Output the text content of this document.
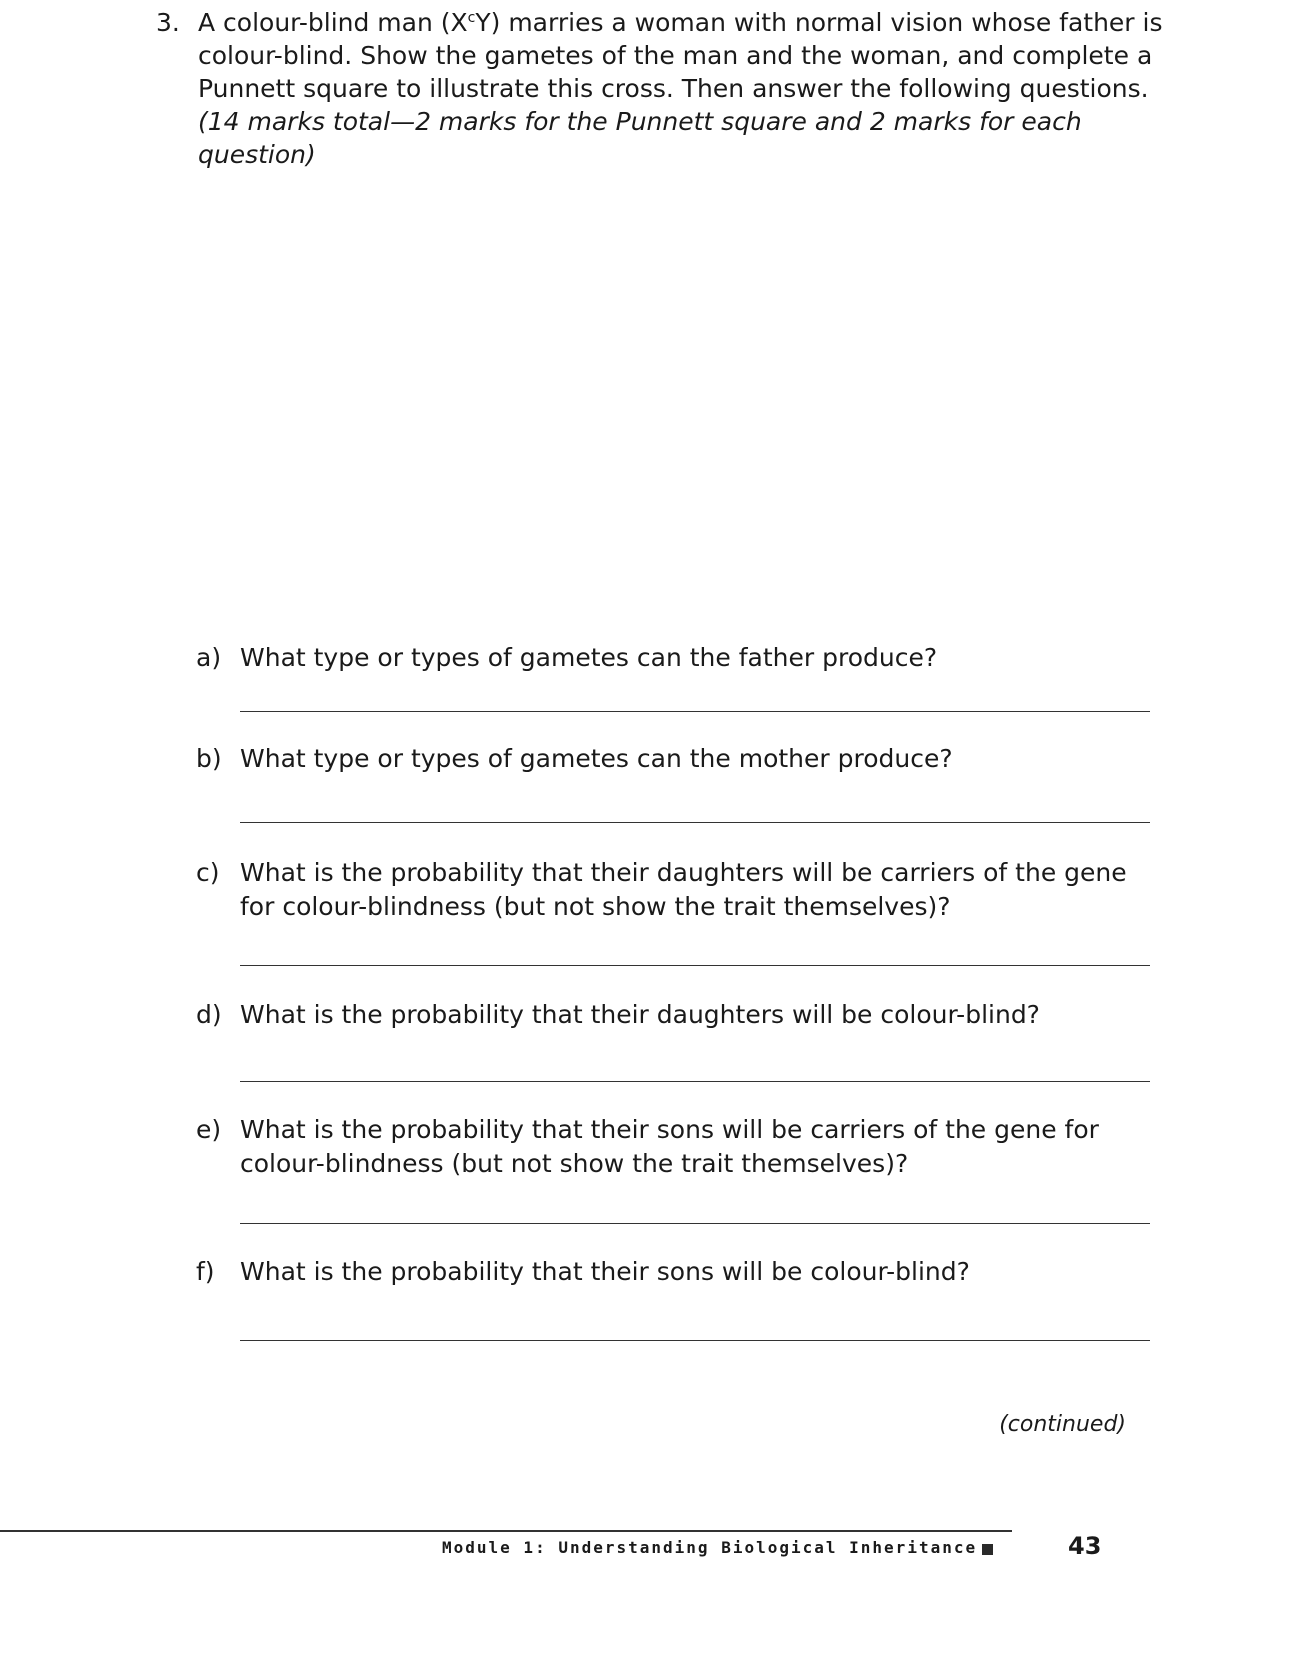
3. A colour-blind man $(X^cY)$ marries a woman with normal vision whose father is colour-blind. Show the gametes of the man and the woman, and complete a Punnett square to illustrate this cross. Then answer the following questions. (14 marks total—2 marks for the Punnett square and 2 marks for each question)
a) What type or types of gametes can the father produce?
b) What type or types of gametes can the mother produce?
c) What is the probability that their daughters will be carriers of the gene for colour-blindness (but not show the trait themselves)?
d) What is the probability that their daughters will be colour-blind?
e) What is the probability that their sons will be carriers of the gene for colour-blindness (but not show the trait themselves)?
f) What is the probability that their sons will be colour-blind?
(continued)
Module 1: Understanding Biological Inheritance	43
